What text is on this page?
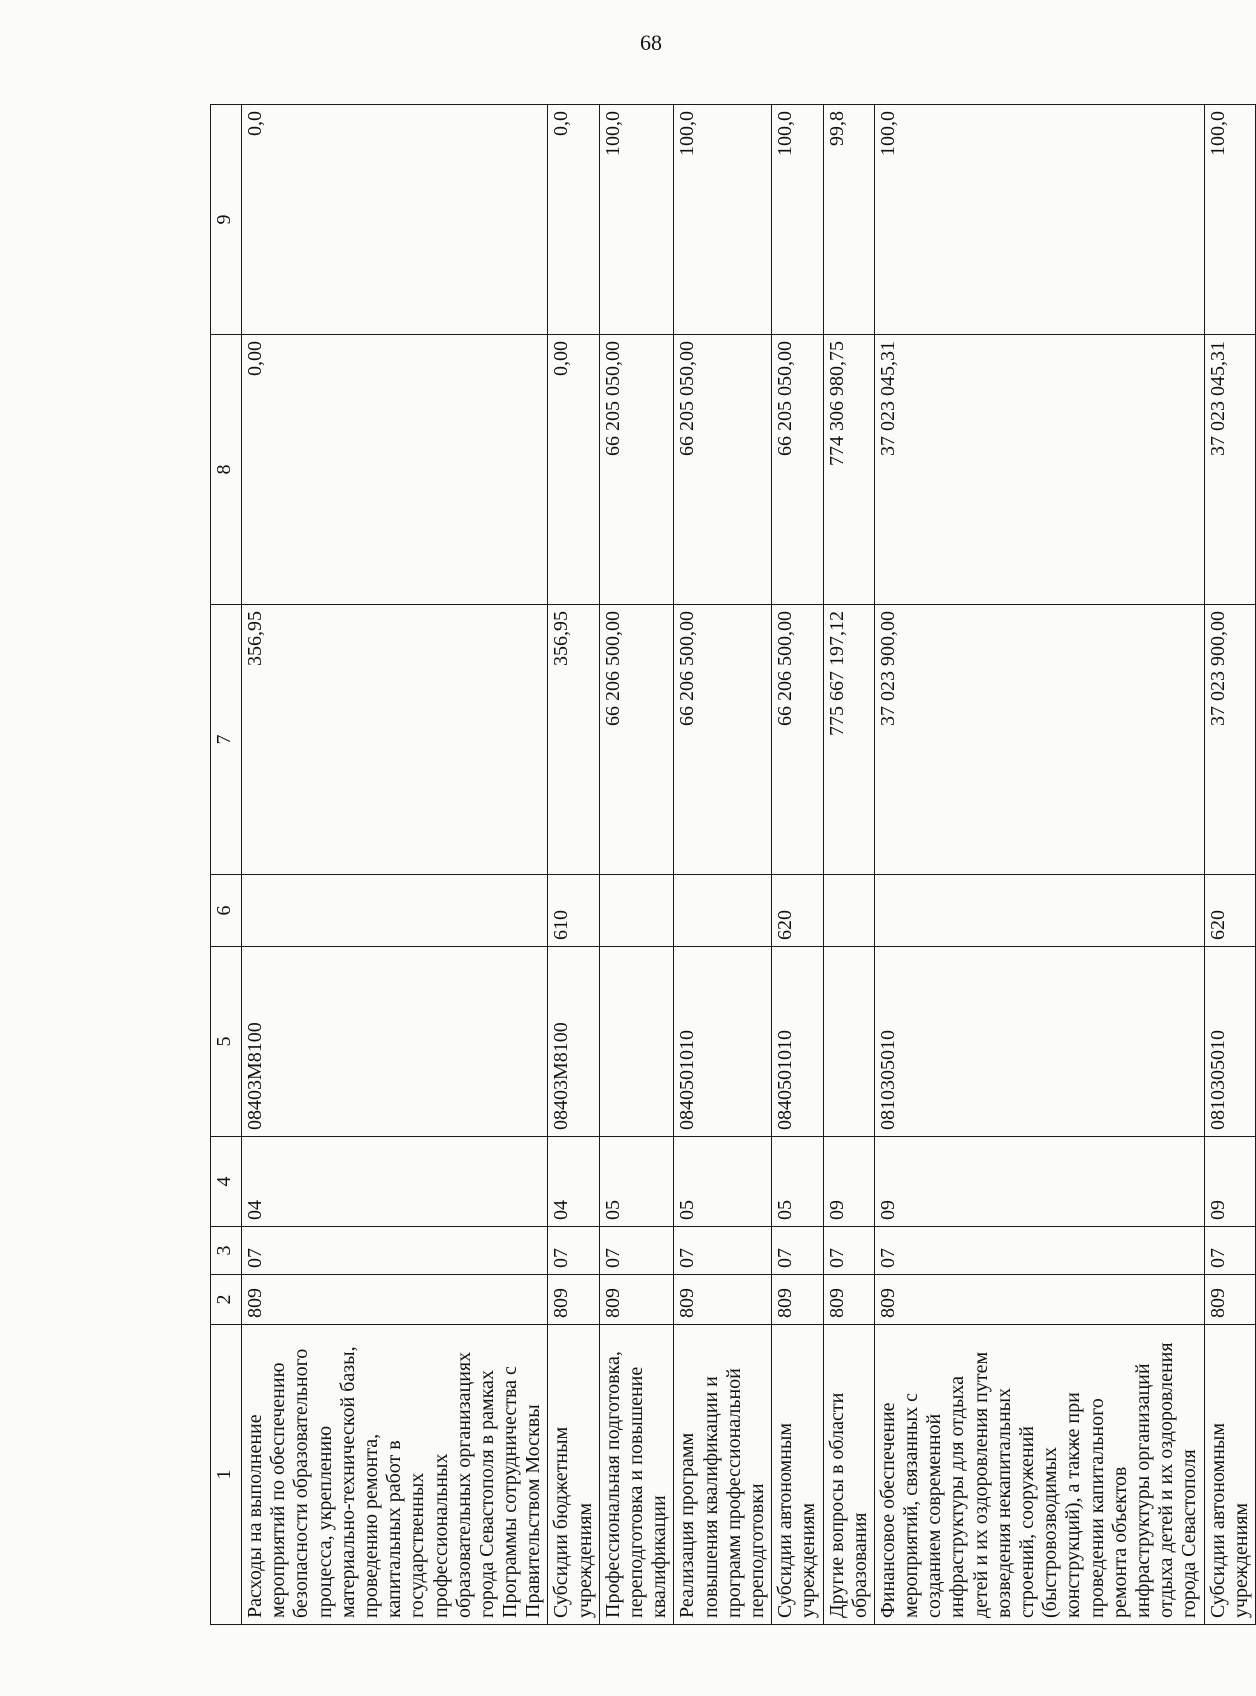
68
1	2	3	4	5	6	7	8	9
Расходы на выполнение мероприятий по обеспечению безопасности образовательного процесса, укреплению материально-технической базы, проведению ремонта, капитальных работ в государственных профессиональных образовательных организациях города Севастополя в рамках Программы сотрудничества с Правительством Москвы	809	07	04	08403М8100		356,95	0,00	0,0
Субсидии бюджетным учреждениям	809	07	04	08403М8100	610	356,95	0,00	0,0
Профессиональная подготовка, переподготовка и повышение квалификации	809	07	05			66 206 500,00	66 205 050,00	100,0
Реализация программ повышения квалификации и программ профессиональной переподготовки	809	07	05	0840501010		66 206 500,00	66 205 050,00	100,0
Субсидии автономным учреждениям	809	07	05	0840501010	620	66 206 500,00	66 205 050,00	100,0
Другие вопросы в области образования	809	07	09			775 667 197,12	774 306 980,75	99,8
Финансовое обеспечение мероприятий, связанных с созданием современной инфраструктуры для отдыха детей и их оздоровления путем возведения некапитальных строений, сооружений (быстровозводимых конструкций), а также при проведении капитального ремонта объектов инфраструктуры организаций отдыха детей и их оздоровления города Севастополя	809	07	09	0810305010		37 023 900,00	37 023 045,31	100,0
Субсидии автономным учреждениям	809	07	09	0810305010	620	37 023 900,00	37 023 045,31	100,0
